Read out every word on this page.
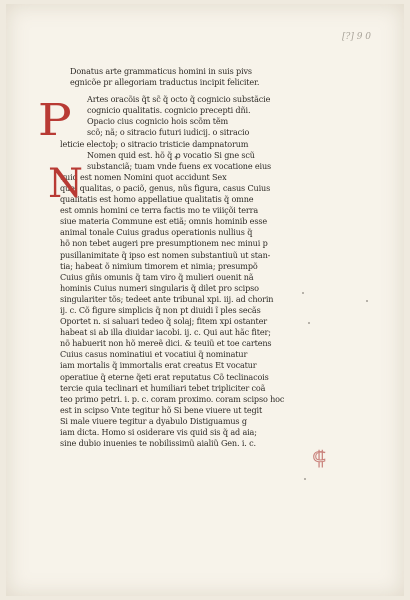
[?] 9 0
Donatus arte grammaticus homini in suis pivs
egnicõe pr allegoriam traductus incipit feliciter.
P
N
Artes oracõis q̃t sc̃ q̃ octo q̃ cognicio substãcie
cognicio qualitatis. cognicio precepti dñi.
Opacio cius cognicio hois scõm tẽm
scõ; nã; o sitracio futuri iudicij. o sitracio
leticie electoþ; o sitracio tristicie dampnatorum
Nomen quid est. hõ q̃ ꝓ vocatio Si gne scũ
substanciã; tuam vnde fuens ex vocatione eius
quid est nomen Nomini quot accidunt Sex
que, qualitas, o paciõ, genus, nũs figura, casus Cuius
qualitatis est homo appellatiue qualitatis q̃ omne
est omnis homini ce terra factis mo te viiiçõi terra
siue materia Commune est etiã; omnis hominib esse
animal tonale Cuius gradus operationis nullius q̃
hõ non tebet augeri pre presumptionem nec minui p
pusillanimitate q̃ ipso est nomen substantiuũ ut stan-
tia; habeat õ nimium timorem et nimia; presumpõ
Cuius gñis omunis q̃ tam viro q̃ mulieri ouenit nã
hominis Cuius numeri singularis q̃ dilet pro scipso
singulariter tõs; tedeet ante tribunal xpi. iij. ad chorin
ij. c. Cõ figure simplicis q̃ non pt diuidi ĩ ples secãs
Oportet n. si saluari tedeo q̃ solaj; fitem xpi ostanter
habeat si ab illa diuidar iacobi. ij. c. Qui aut hãc fiter;
nõ habuerit non hõ mereẽ dici. & teuiũ et toe cartens
Cuius casus nominatiui et vocatiui q̃ nominatur
iam mortalis q̃ immortalis erat creatus Et vocatur
operatiue q̃ eterne q̃eti erat reputatus Cõ teclinacois
tercie quia teclinari et humiliari tebet tripliciter coã
teo primo petri. i. p. c. coram proximo. coram scipso hoc
est in scipso Vnte tegitur hõ Si bene viuere ut tegit
Si male viuere tegitur a dyabulo Distiguamus g
iam dicta. Homo si osiderare vis quid sis q̃ ad aia;
sine dubio inuenies te nobilissimũ aialiũ Gen. i. c.
⸿
